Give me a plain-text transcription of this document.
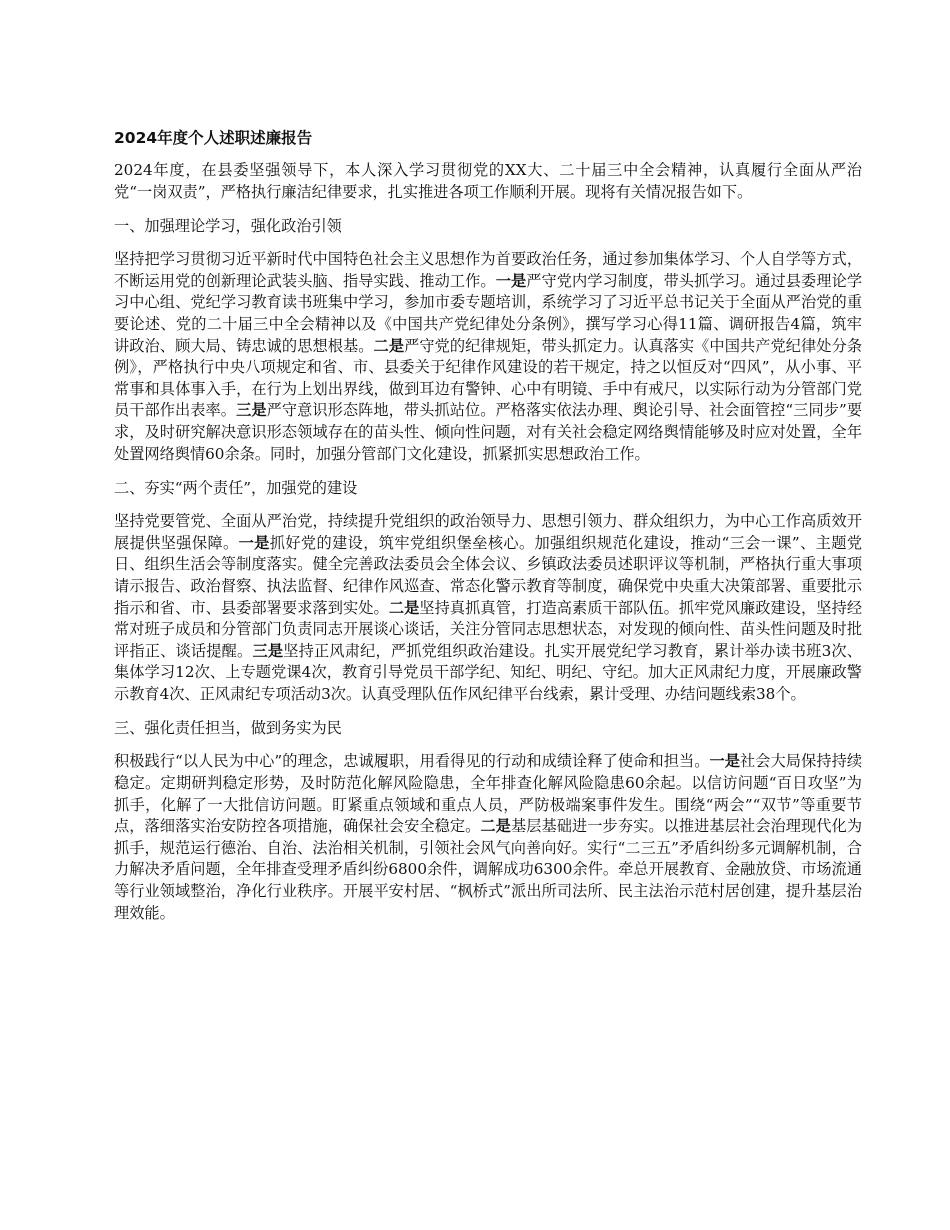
2024年度个人述职述廉报告

2024年度，在县委坚强领导下，本人深入学习贯彻党的XX大、二十届三中全会精神，认真履行全面从严治党“一岗双责”，严格执行廉洁纪律要求，扎实推进各项工作顺利开展。现将有关情况报告如下。

一、加强理论学习，强化政治引领

坚持把学习贯彻习近平新时代中国特色社会主义思想作为首要政治任务，通过参加集体学习、个人自学等方式，不断运用党的创新理论武装头脑、指导实践、推动工作。一是严守党内学习制度，带头抓学习。通过县委理论学习中心组、党纪学习教育读书班集中学习，参加市委专题培训，系统学习了习近平总书记关于全面从严治党的重要论述、党的二十届三中全会精神以及《中国共产党纪律处分条例》，撰写学习心得11篇、调研报告4篇，筑牢讲政治、顾大局、铸忠诚的思想根基。二是严守党的纪律规矩，带头抓定力。认真落实《中国共产党纪律处分条例》，严格执行中央八项规定和省、市、县委关于纪律作风建设的若干规定，持之以恒反对“四风”，从小事、平常事和具体事入手，在行为上划出界线，做到耳边有警钟、心中有明镜、手中有戒尺，以实际行动为分管部门党员干部作出表率。三是严守意识形态阵地，带头抓站位。严格落实依法办理、舆论引导、社会面管控“三同步”要求，及时研究解决意识形态领域存在的苗头性、倾向性问题，对有关社会稳定网络舆情能够及时应对处置，全年处置网络舆情60余条。同时，加强分管部门文化建设，抓紧抓实思想政治工作。

二、夯实“两个责任”，加强党的建设

坚持党要管党、全面从严治党，持续提升党组织的政治领导力、思想引领力、群众组织力，为中心工作高质效开展提供坚强保障。一是抓好党的建设，筑牢党组织堡垒核心。加强组织规范化建设，推动“三会一课”、主题党日、组织生活会等制度落实。健全完善政法委员会全体会议、乡镇政法委员述职评议等机制，严格执行重大事项请示报告、政治督察、执法监督、纪律作风巡查、常态化警示教育等制度，确保党中央重大决策部署、重要批示指示和省、市、县委部署要求落到实处。二是坚持真抓真管，打造高素质干部队伍。抓牢党风廉政建设，坚持经常对班子成员和分管部门负责同志开展谈心谈话，关注分管同志思想状态，对发现的倾向性、苗头性问题及时批评指正、谈话提醒。三是坚持正风肃纪，严抓党组织政治建设。扎实开展党纪学习教育，累计举办读书班3次、集体学习12次、上专题党课4次，教育引导党员干部学纪、知纪、明纪、守纪。加大正风肃纪力度，开展廉政警示教育4次、正风肃纪专项活动3次。认真受理队伍作风纪律平台线索，累计受理、办结问题线索38个。

三、强化责任担当，做到务实为民

积极践行“以人民为中心”的理念，忠诚履职，用看得见的行动和成绩诠释了使命和担当。一是社会大局保持持续稳定。定期研判稳定形势，及时防范化解风险隐患，全年排查化解风险隐患60余起。以信访问题“百日攻坚”为抓手，化解了一大批信访问题。盯紧重点领域和重点人员，严防极端案事件发生。围绕“两会”“双节”等重要节点，落细落实治安防控各项措施，确保社会安全稳定。二是基层基础进一步夯实。以推进基层社会治理现代化为抓手，规范运行德治、自治、法治相关机制，引领社会风气向善向好。实行“二三五”矛盾纠纷多元调解机制，合力解决矛盾问题，全年排查受理矛盾纠纷6800余件，调解成功6300余件。牵总开展教育、金融放贷、市场流通等行业领域整治，净化行业秩序。开展平安村居、“枫桥式”派出所司法所、民主法治示范村居创建，提升基层治理效能。
